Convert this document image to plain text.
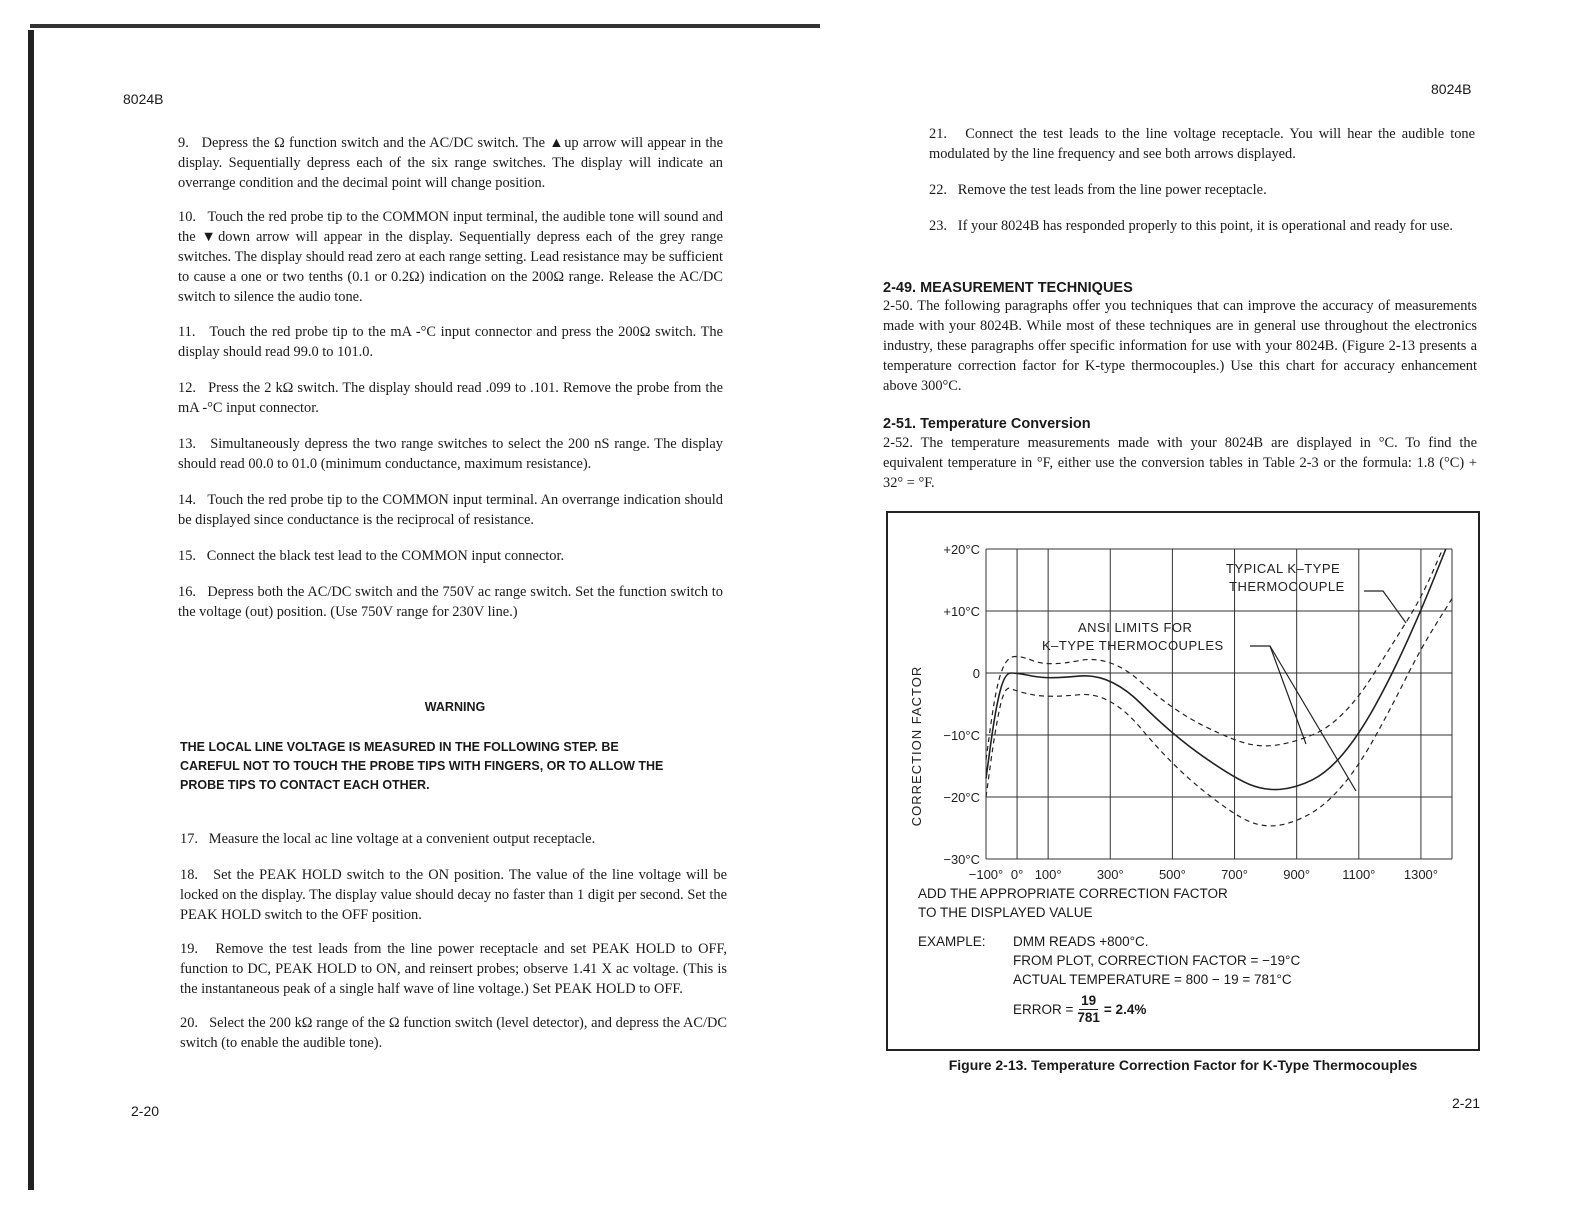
8024B
2-20

9. Depress the Ω function switch and the AC/DC switch. The ▲up arrow will appear in the display. Sequentially depress each of the six range switches. The display will indicate an overrange condition and the decimal point will change position.

10. Touch the red probe tip to the COMMON input terminal, the audible tone will sound and the ▼down arrow will appear in the display. Sequentially depress each of the grey range switches. The display should read zero at each range setting. Lead resistance may be sufficient to cause a one or two tenths (0.1 or 0.2Ω) indication on the 200Ω range. Release the AC/DC switch to silence the audio tone.

11. Touch the red probe tip to the mA -°C input connector and press the 200Ω switch. The display should read 99.0 to 101.0.

12. Press the 2 kΩ switch. The display should read .099 to .101. Remove the probe from the mA -°C input connector.

13. Simultaneously depress the two range switches to select the 200 nS range. The display should read 00.0 to 01.0 (minimum conductance, maximum resistance).

14. Touch the red probe tip to the COMMON input terminal. An overrange indication should be displayed since conductance is the reciprocal of resistance.

15. Connect the black test lead to the COMMON input connector.

16. Depress both the AC/DC switch and the 750V ac range switch. Set the function switch to the voltage (out) position. (Use 750V range for 230V line.)

WARNING
THE LOCAL LINE VOLTAGE IS MEASURED IN THE FOLLOWING STEP. BE CAREFUL NOT TO TOUCH THE PROBE TIPS WITH FINGERS, OR TO ALLOW THE PROBE TIPS TO CONTACT EACH OTHER.

17. Measure the local ac line voltage at a convenient output receptacle.

18. Set the PEAK HOLD switch to the ON position. The value of the line voltage will be locked on the display. The display value should decay no faster than 1 digit per second. Set the PEAK HOLD switch to the OFF position.

19. Remove the test leads from the line power receptacle and set PEAK HOLD to OFF, function to DC, PEAK HOLD to ON, and reinsert probes; observe 1.41 X ac voltage. (This is the instantaneous peak of a single half wave of line voltage.) Set PEAK HOLD to OFF.

20. Select the 200 kΩ range of the Ω function switch (level detector), and depress the AC/DC switch (to enable the audible tone).

8024B
2-21

21. Connect the test leads to the line voltage receptacle. You will hear the audible tone modulated by the line frequency and see both arrows displayed.

22. Remove the test leads from the line power receptacle.

23. If your 8024B has responded properly to this point, it is operational and ready for use.

2-49. MEASUREMENT TECHNIQUES
2-50. The following paragraphs offer you techniques that can improve the accuracy of measurements made with your 8024B. While most of these techniques are in general use throughout the electronics industry, these paragraphs offer specific information for use with your 8024B. (Figure 2-13 presents a temperature correction factor for K-type thermocouples.) Use this chart for accuracy enhancement above 300°C.
2-51. Temperature Conversion
2-52. The temperature measurements made with your 8024B are displayed in °C. To find the equivalent temperature in °F, either use the conversion tables in Table 2-3 or the formula: 1.8 (°C) + 32° = °F.
+20°C
+10°C
0
−10°C
−20°C
−30°C
−100° 0° 100°	300°	500°	700°	900° 1100° 1300°
CORRECTION FACTOR
TYPICAL K–TYPE
THERMOCOUPLE
ANSI LIMITS FOR
K–TYPE THERMOCOUPLES
ADD THE APPROPRIATE CORRECTION FACTOR
TO THE DISPLAYED VALUE
EXAMPLE:	DMM READS +800°C.
FROM PLOT, CORRECTION FACTOR = −19°C
ACTUAL TEMPERATURE = 800 − 19 = 781°C
ERROR = $\frac{19}{781} = 2.4\%$
Figure 2-13. Temperature Correction Factor for K-Type Thermocouples
